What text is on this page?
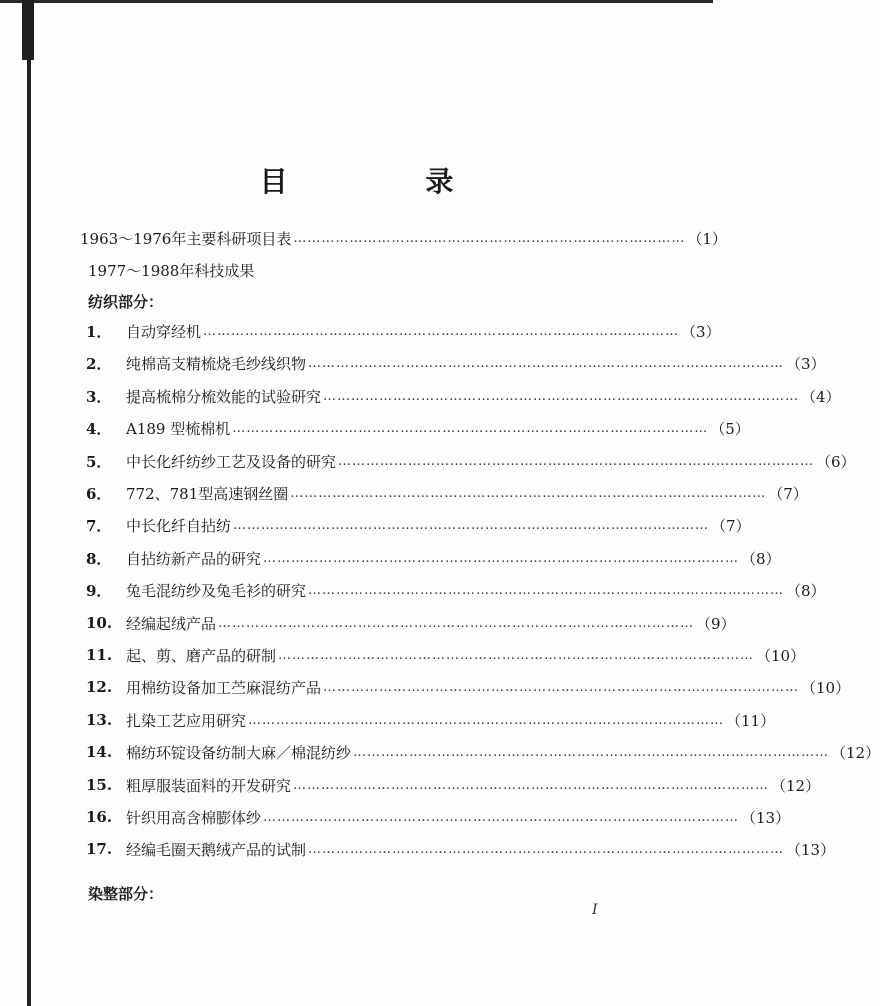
目 录
1963～1976年主要科研项目表 ………………………………………………………………………… （1）
1977～1988年科技成果
纺织部分：
1． 自动穿经机 ………………………………………………………………………………………… （3）
2． 纯棉高支精梳烧毛纱线织物 ………………………………………………………………………………………… （3）
3． 提高梳棉分梳效能的试验研究 ………………………………………………………………………………………… （4）
4． A189 型梳棉机 ………………………………………………………………………………………… （5）
5． 中长化纤纺纱工艺及设备的研究 ………………………………………………………………………………………… （6）
6． 772、781型高速钢丝圈 ………………………………………………………………………………………… （7）
7． 中长化纤自拈纺 ………………………………………………………………………………………… （7）
8． 自拈纺新产品的研究 ………………………………………………………………………………………… （8）
9． 兔毛混纺纱及兔毛衫的研究 ………………………………………………………………………………………… （8）
10. 经编起绒产品 ………………………………………………………………………………………… （9）
11. 起、剪、磨产品的研制 ………………………………………………………………………………………… （10）
12. 用棉纺设备加工苎麻混纺产品 ………………………………………………………………………………………… （10）
13. 扎染工艺应用研究 ………………………………………………………………………………………… （11）
14. 棉纺环锭设备纺制大麻／棉混纺纱 ………………………………………………………………………………………… （12）
15. 粗厚服装面料的开发研究 ………………………………………………………………………………………… （12）
16. 针织用高含棉膨体纱 ………………………………………………………………………………………… （13）
17. 经编毛圈天鹅绒产品的试制 ………………………………………………………………………………………… （13）
染整部分：
I
